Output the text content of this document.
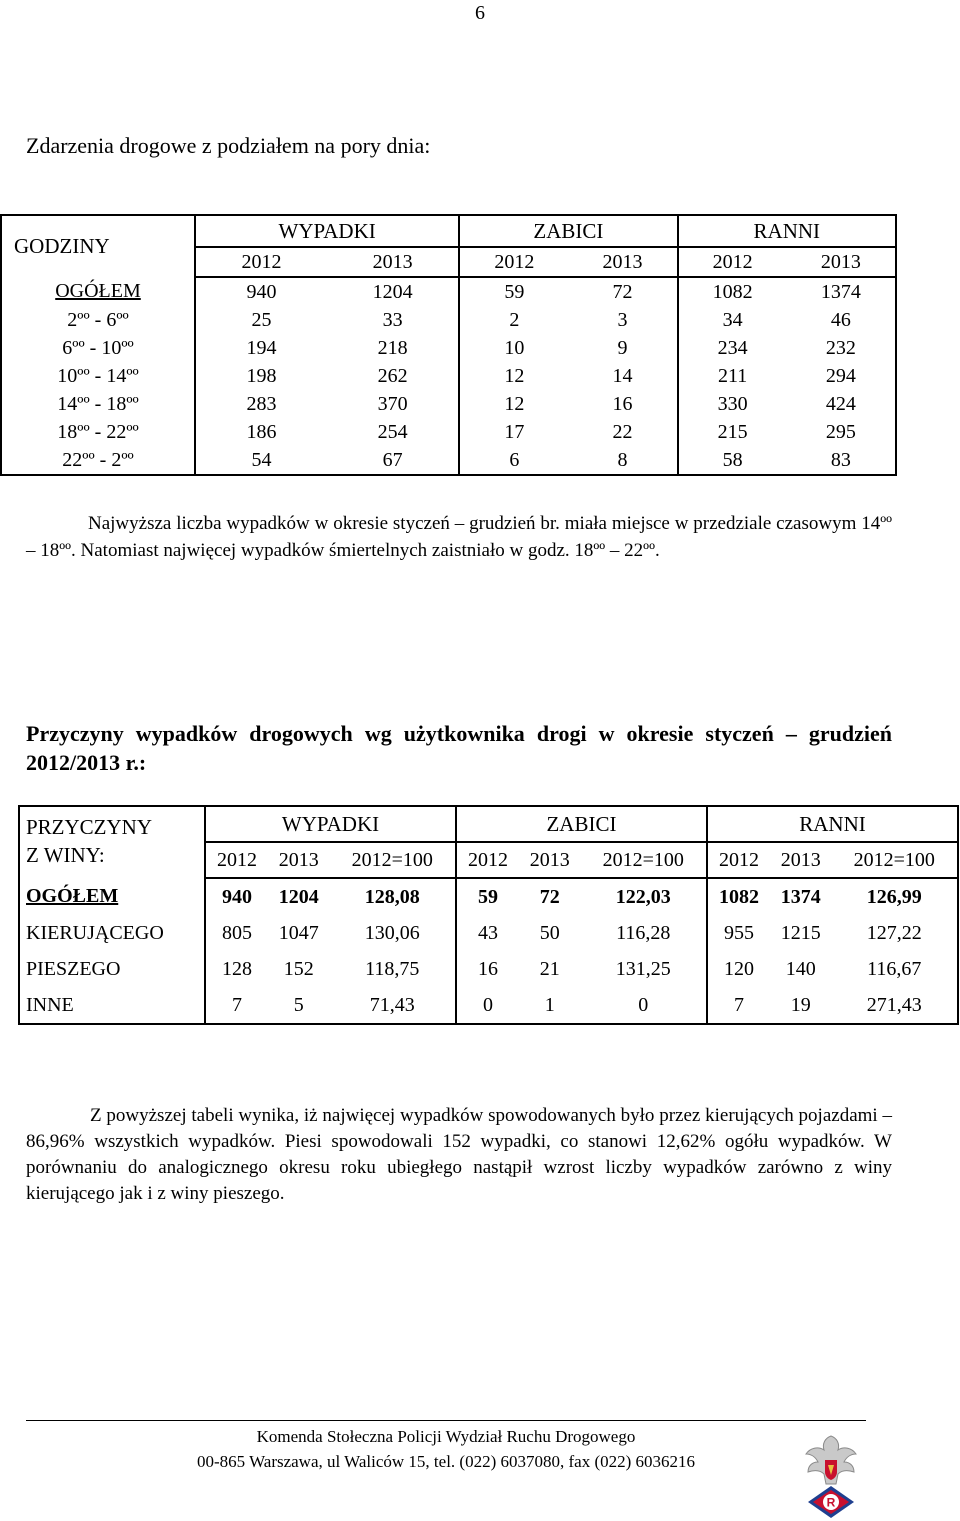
6
Zdarzenia drogowe z podziałem na pory dnia:
GODZINY	WYPADKI		ZABICI		RANNI	
	2012	2013	2012	2013	2012	2013
OGÓŁEM	940	1204	59	72	1082	1374
2ºº - 6ºº	25	33	2	3	34	46
6ºº - 10ºº	194	218	10	9	234	232
10ºº - 14ºº	198	262	12	14	211	294
14ºº - 18ºº	283	370	12	16	330	424
18ºº - 22ºº	186	254	17	22	215	295
22ºº - 2ºº	54	67	6	8	58	83
Najwyższa liczba wypadków w okresie styczeń – grudzień br. miała miejsce w przedziale czasowym 14ºº – 18ºº. Natomiast najwięcej wypadków śmiertelnych zaistniało w godz. 18ºº – 22ºº.
Przyczyny wypadków drogowych wg użytkownika drogi w okresie styczeń – grudzień 2012/2013 r.:
PRZYCZYNY
Z WINY:	WYPADKI			ZABICI			RANNI		
	2012	2013	2012=100	2012	2013	2012=100	2012	2013	2012=100
OGÓŁEM	940	1204	128,08	59	72	122,03	1082	1374	126,99
KIERUJĄCEGO	805	1047	130,06	43	50	116,28	955	1215	127,22
PIESZEGO	128	152	118,75	16	21	131,25	120	140	116,67
INNE	7	5	71,43	0	1	0	7	19	271,43
Z powyższej tabeli wynika, iż najwięcej wypadków spowodowanych było przez kierujących pojazdami – 86,96% wszystkich wypadków. Piesi spowodowali 152 wypadki, co stanowi 12,62% ogółu wypadków. W porównaniu do analogicznego okresu roku ubiegłego nastąpił wzrost liczby wypadków zarówno z winy kierującego jak i z winy pieszego.
Komenda Stołeczna Policji Wydział Ruchu Drogowego
00-865 Warszawa, ul Waliców 15, tel. (022) 6037080, fax (022) 6036216
R
